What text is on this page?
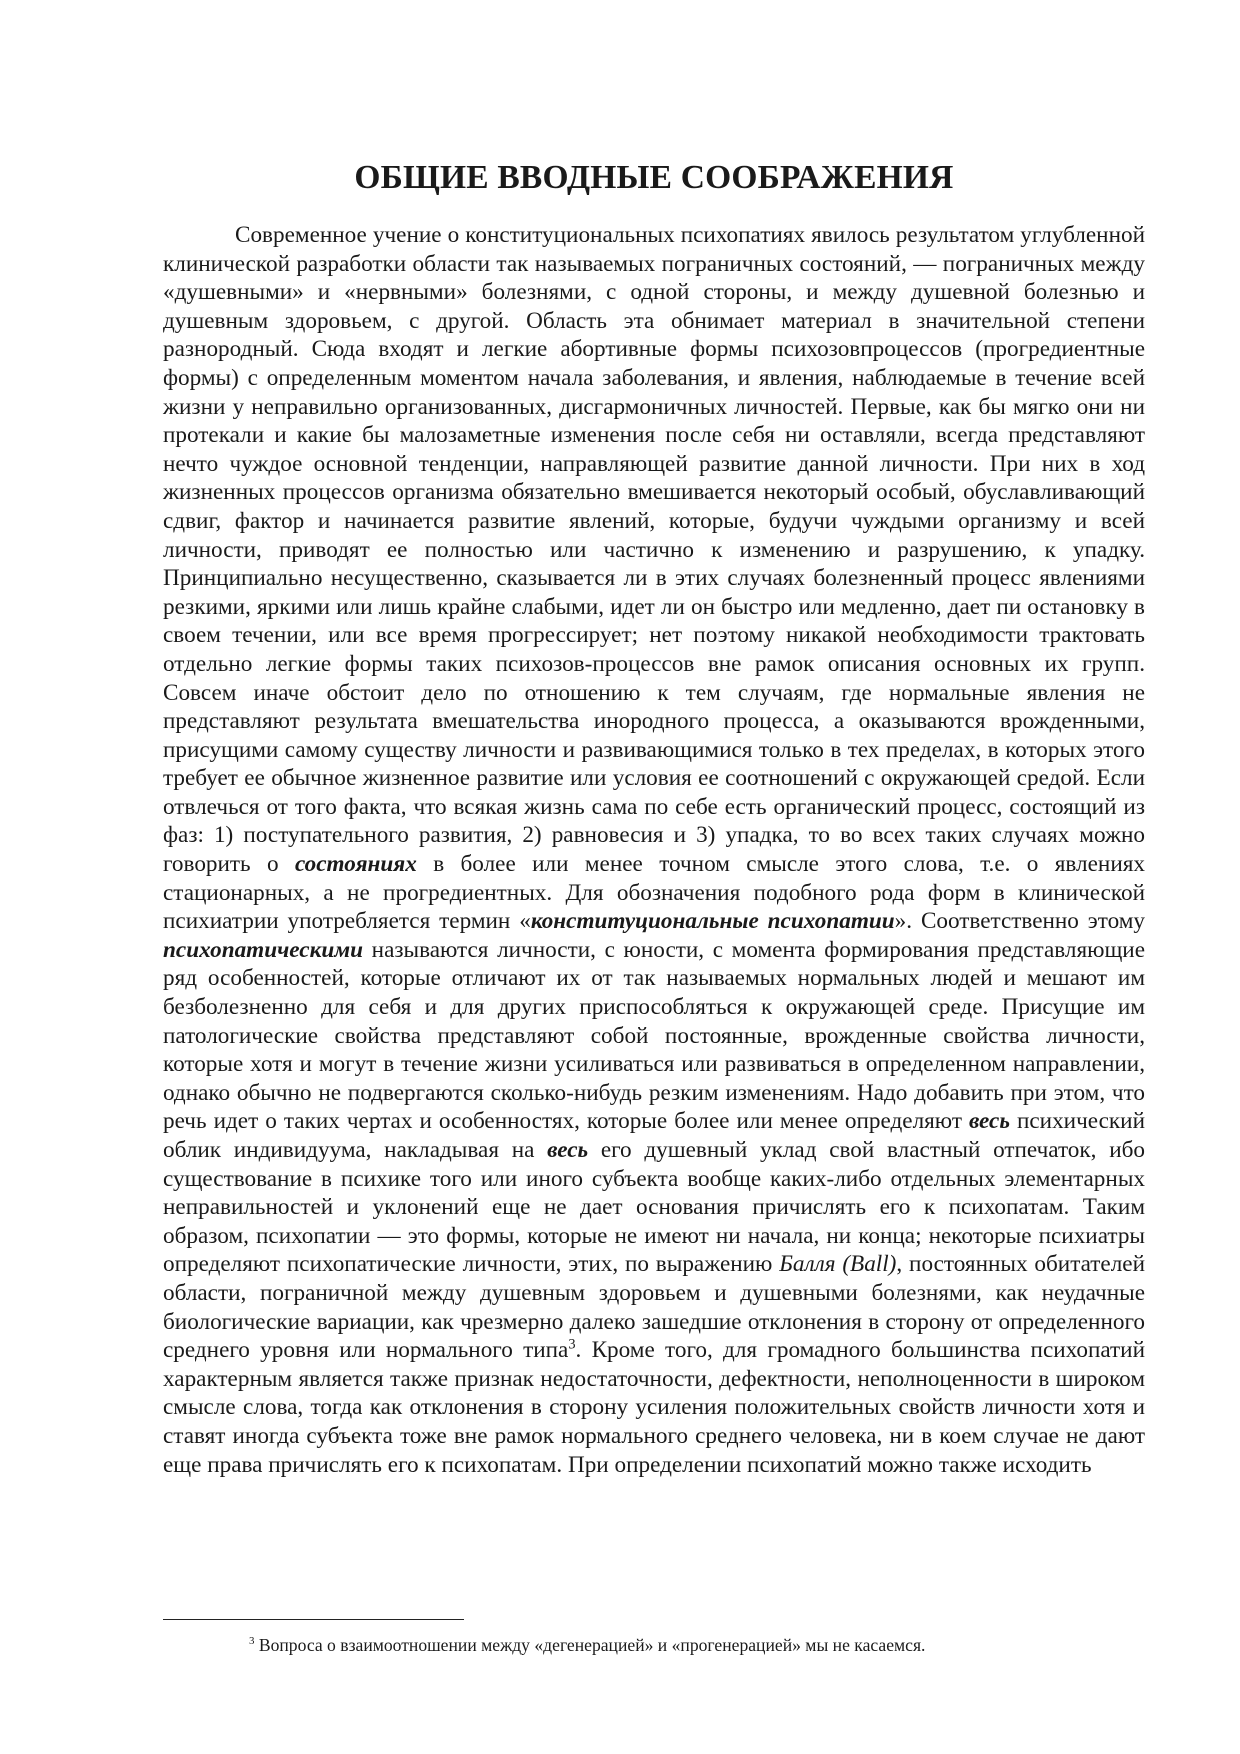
ОБЩИЕ ВВОДНЫЕ СООБРАЖЕНИЯ

Современное учение о конституциональных психопатиях явилось результатом углубленной клинической разработки области так называемых пограничных состояний, — пограничных между «душевными» и «нервными» болезнями, с одной стороны, и между душевной болезнью и душевным здоровьем, с другой. Область эта обнимает материал в значительной степени разнородный. Сюда входят и легкие абортивные формы психозовпроцессов (прогредиентные формы) с определенным моментом начала заболевания, и явления, наблюдаемые в течение всей жизни у неправильно организованных, дисгармоничных личностей. Первые, как бы мягко они ни протекали и какие бы малозаметные изменения после себя ни оставляли, всегда представляют нечто чуждое основной тенденции, направляющей развитие данной личности. При них в ход жизненных процессов организма обязательно вмешивается некоторый особый, обуславливающий сдвиг, фактор и начинается развитие явлений, которые, будучи чуждыми организму и всей личности, приводят ее полностью или частично к изменению и разрушению, к упадку. Принципиально несущественно, сказывается ли в этих случаях болезненный процесс явлениями резкими, яркими или лишь крайне слабыми, идет ли он быстро или медленно, дает пи остановку в своем течении, или все время прогрессирует; нет поэтому никакой необходимости трактовать отдельно легкие формы таких психозов-процессов вне рамок описания основных их групп. Совсем иначе обстоит дело по отношению к тем случаям, где нормальные явления не представляют результата вмешательства инородного процесса, а оказываются врожденными, присущими самому существу личности и развивающимися только в тех пределах, в которых этого требует ее обычное жизненное развитие или условия ее соотношений с окружающей средой. Если отвлечься от того факта, что всякая жизнь сама по себе есть органический процесс, состоящий из фаз: 1) поступательного развития, 2) равновесия и 3) упадка, то во всех таких случаях можно говорить о состояниях в более или менее точном смысле этого слова, т.е. о явлениях стационарных, а не прогредиентных. Для обозначения подобного рода форм в клинической психиатрии употребляется термин «конституциональные психопатии». Соответственно этому психопатическими называются личности, с юности, с момента формирования представляющие ряд особенностей, которые отличают их от так называемых нормальных людей и мешают им безболезненно для себя и для других приспособляться к окружающей среде. Присущие им патологические свойства представляют собой постоянные, врожденные свойства личности, которые хотя и могут в течение жизни усиливаться или развиваться в определенном направлении, однако обычно не подвергаются сколько-нибудь резким изменениям. Надо добавить при этом, что речь идет о таких чертах и особенностях, которые более или менее определяют весь психический облик индивидуума, накладывая на весь его душевный уклад свой властный отпечаток, ибо существование в психике того или иного субъекта вообще каких-либо отдельных элементарных неправильностей и уклонений еще не дает основания причислять его к психопатам. Таким образом, психопатии — это формы, которые не имеют ни начала, ни конца; некоторые психиатры определяют психопатические личности, этих, по выражению Балля (Ball), постоянных обитателей области, пограничной между душевным здоровьем и душевными болезнями, как неудачные биологические вариации, как чрезмерно далеко зашедшие отклонения в сторону от определенного среднего уровня или нормального типа$^3$. Кроме того, для громадного большинства психопатий характерным является также признак недостаточности, дефектности, неполноценности в широком смысле слова, тогда как отклонения в сторону усиления положительных свойств личности хотя и ставят иногда субъекта тоже вне рамок нормального среднего человека, ни в коем случае не дают еще права причислять его к психопатам. При определении психопатий можно также исходить

$^3$ Вопроса о взаимоотношении между «дегенерацией» и «прогенерацией» мы не касаемся.
